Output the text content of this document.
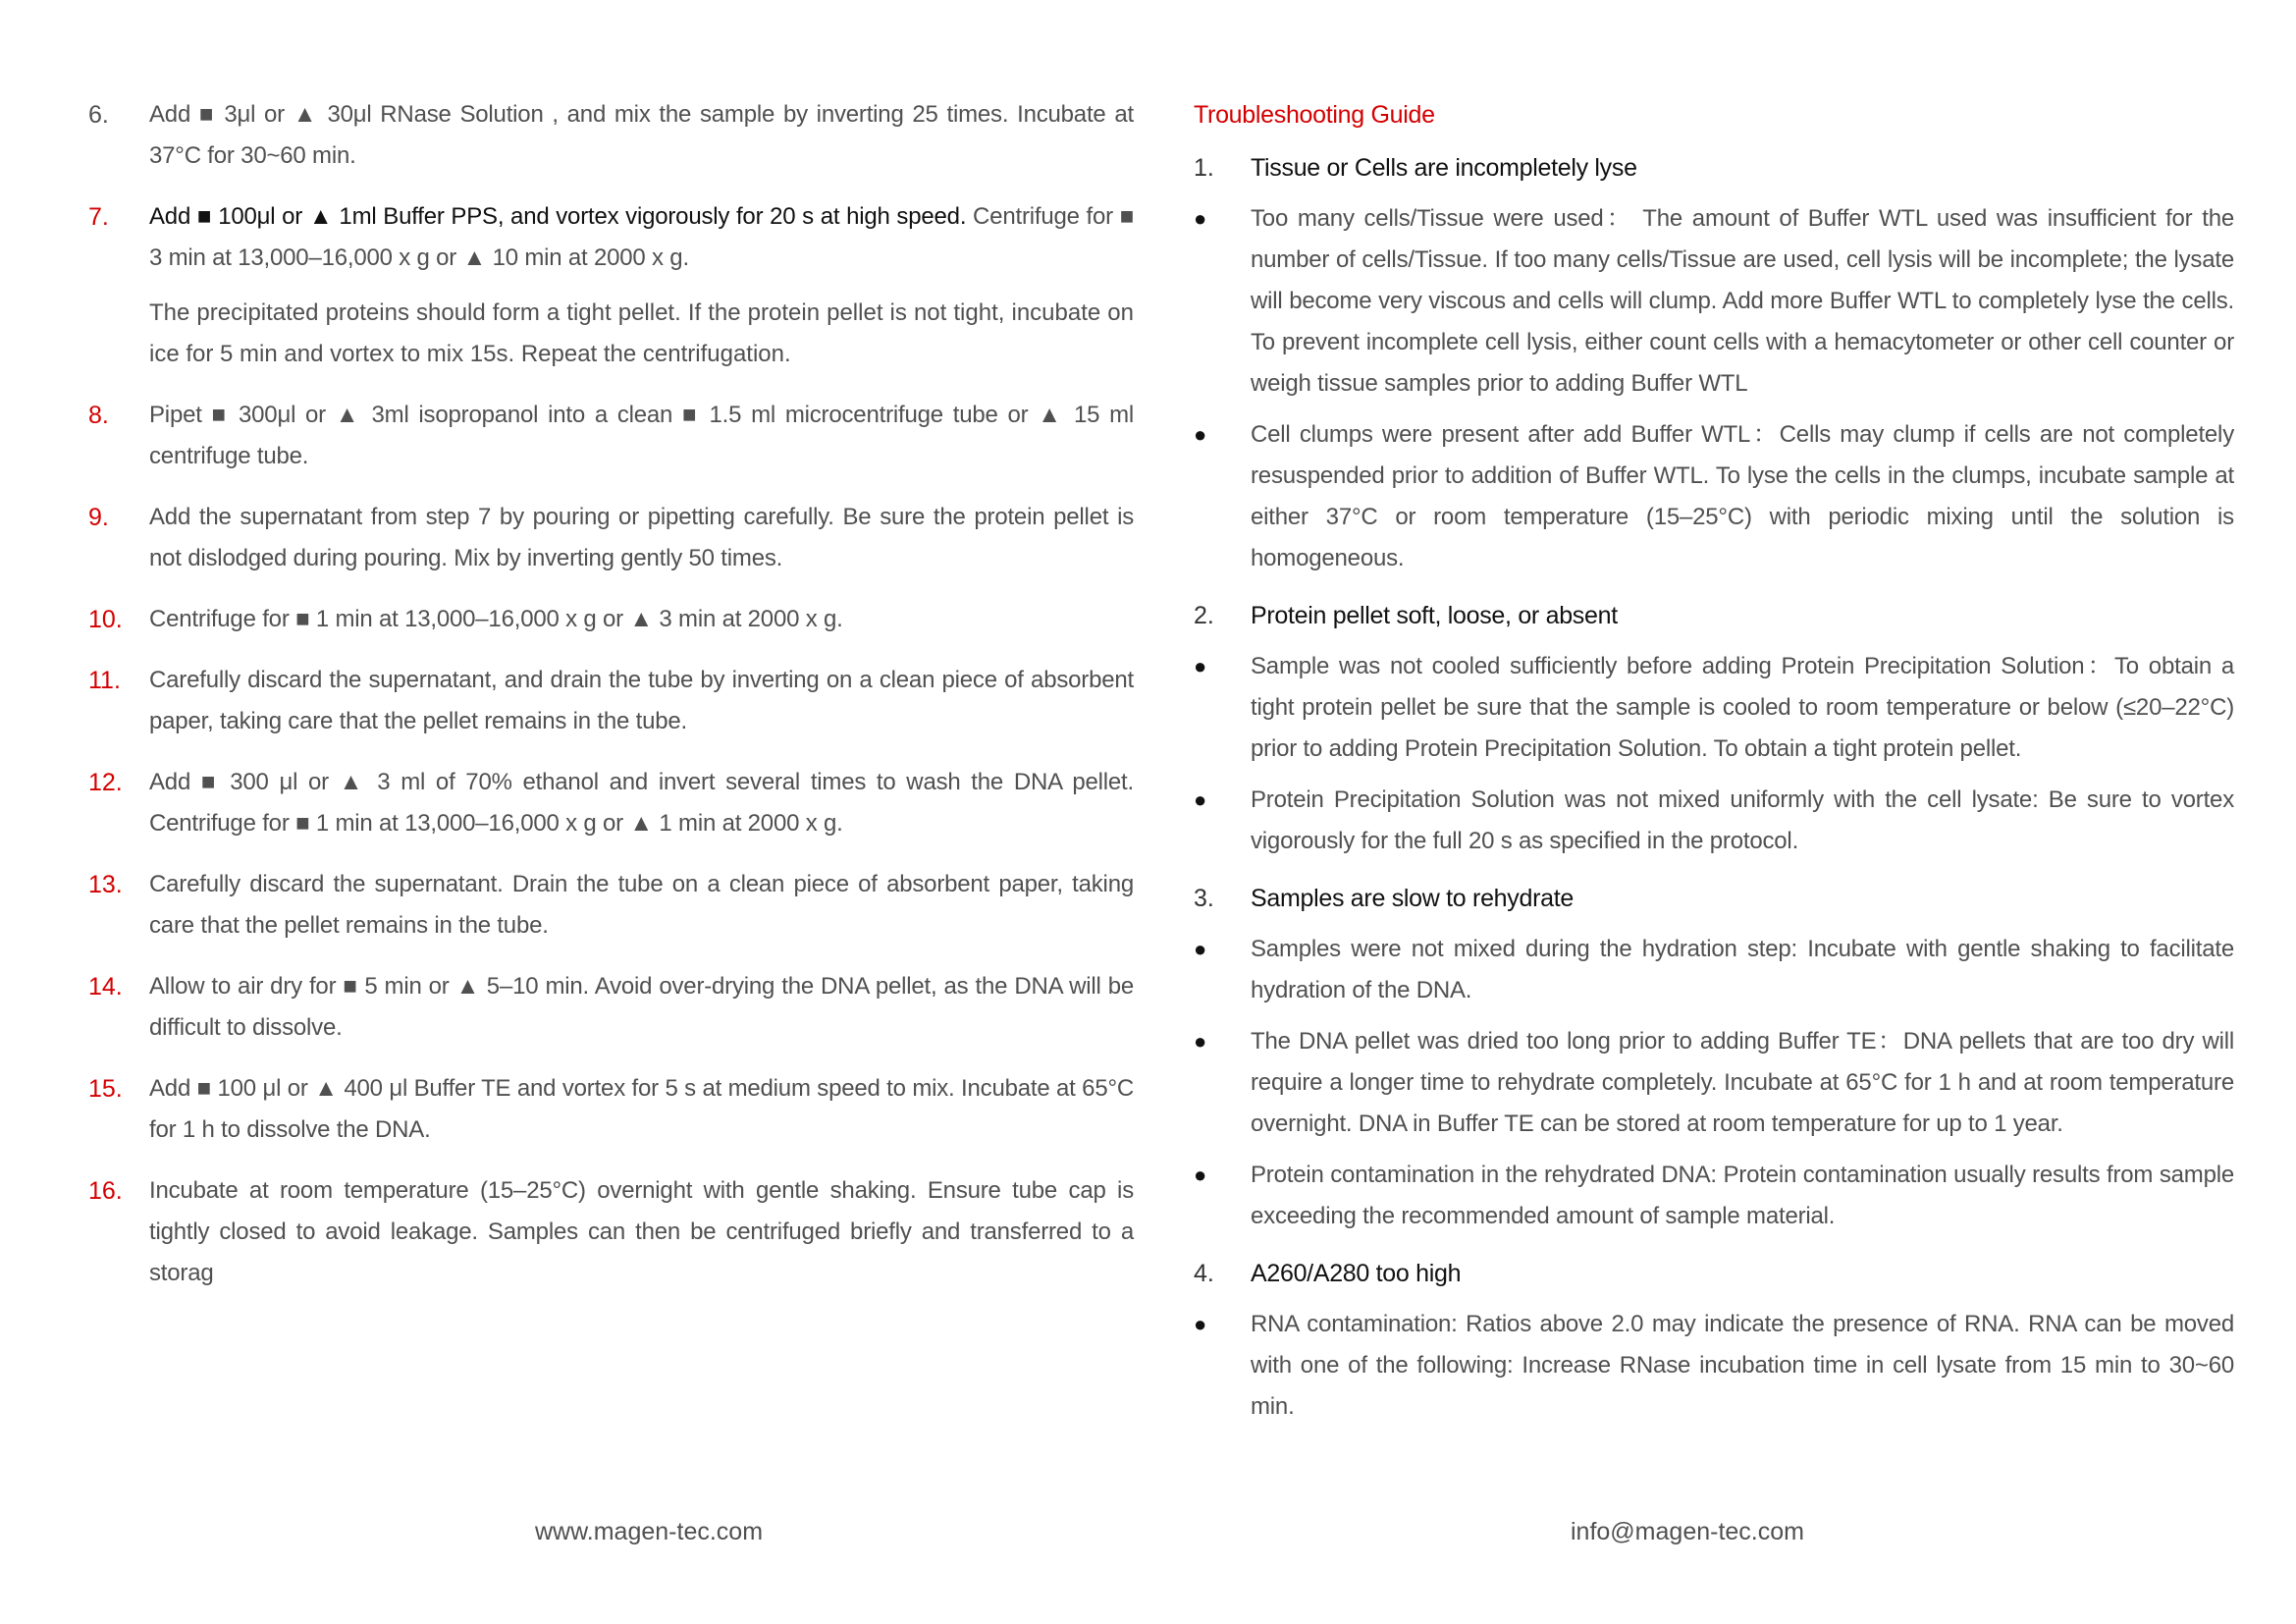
6.	Add ■ 3μl or ▲ 30μl RNase Solution , and mix the sample by inverting 25 times. Incubate at 37°C for 30~60 min.
7.	Add ■ 100μl or ▲ 1ml Buffer PPS, and vortex vigorously for 20 s at high speed. Centrifuge for ■ 3 min at 13,000–16,000 x g or ▲ 10 min at 2000 x g.
The precipitated proteins should form a tight pellet. If the protein pellet is not tight, incubate on ice for 5 min and vortex to mix 15s. Repeat the centrifugation.
8.	Pipet ■ 300μl or ▲ 3ml isopropanol into a clean ■ 1.5 ml microcentrifuge tube or ▲ 15 ml centrifuge tube.
9.	Add the supernatant from step 7 by pouring or pipetting carefully. Be sure the protein pellet is not dislodged during pouring. Mix by inverting gently 50 times.
10.	Centrifuge for ■ 1 min at 13,000–16,000 x g or ▲ 3 min at 2000 x g.
11.	Carefully discard the supernatant, and drain the tube by inverting on a clean piece of absorbent paper, taking care that the pellet remains in the tube.
12.	Add ■ 300 μl or ▲ 3 ml of 70% ethanol and invert several times to wash the DNA pellet. Centrifuge for ■ 1 min at 13,000–16,000 x g or ▲ 1 min at 2000 x g.
13.	Carefully discard the supernatant. Drain the tube on a clean piece of absorbent paper, taking care that the pellet remains in the tube.
14.	Allow to air dry for ■ 5 min or ▲ 5–10 min. Avoid over-drying the DNA pellet, as the DNA will be difficult to dissolve.
15.	Add ■ 100 μl or ▲ 400 μl Buffer TE and vortex for 5 s at medium speed to mix. Incubate at 65°C for 1 h to dissolve the DNA.
16.	Incubate at room temperature (15–25°C) overnight with gentle shaking. Ensure tube cap is tightly closed to avoid leakage. Samples can then be centrifuged briefly and transferred to a storag
Troubleshooting Guide
1.	Tissue or Cells are incompletely lyse
●	Too many cells/Tissue were used： The amount of Buffer WTL used was insufficient for the number of cells/Tissue. If too many cells/Tissue are used, cell lysis will be incomplete; the lysate will become very viscous and cells will clump. Add more Buffer WTL to completely lyse the cells. To prevent incomplete cell lysis, either count cells with a hemacytometer or other cell counter or weigh tissue samples prior to adding Buffer WTL
●	Cell clumps were present after add Buffer WTL：Cells may clump if cells are not completely resuspended prior to addition of Buffer WTL. To lyse the cells in the clumps, incubate sample at either 37°C or room temperature (15–25°C) with periodic mixing until the solution is homogeneous.
2.	Protein pellet soft, loose, or absent
●	Sample was not cooled sufficiently before adding Protein Precipitation Solution：To obtain a tight protein pellet be sure that the sample is cooled to room temperature or below (≤20–22°C) prior to adding Protein Precipitation Solution. To obtain a tight protein pellet.
●	Protein Precipitation Solution was not mixed uniformly with the cell lysate: Be sure to vortex vigorously for the full 20 s as specified in the protocol.
3.	Samples are slow to rehydrate
●	Samples were not mixed during the hydration step: Incubate with gentle shaking to facilitate hydration of the DNA.
●	The DNA pellet was dried too long prior to adding Buffer TE：DNA pellets that are too dry will require a longer time to rehydrate completely. Incubate at 65°C for 1 h and at room temperature overnight. DNA in Buffer TE can be stored at room temperature for up to 1 year.
●	Protein contamination in the rehydrated DNA: Protein contamination usually results from sample exceeding the recommended amount of sample material.
4.	A260/A280 too high
●	RNA contamination: Ratios above 2.0 may indicate the presence of RNA. RNA can be moved with one of the following: Increase RNase incubation time in cell lysate from 15 min to 30~60 min.
www.magen-tec.com	info@magen-tec.com
